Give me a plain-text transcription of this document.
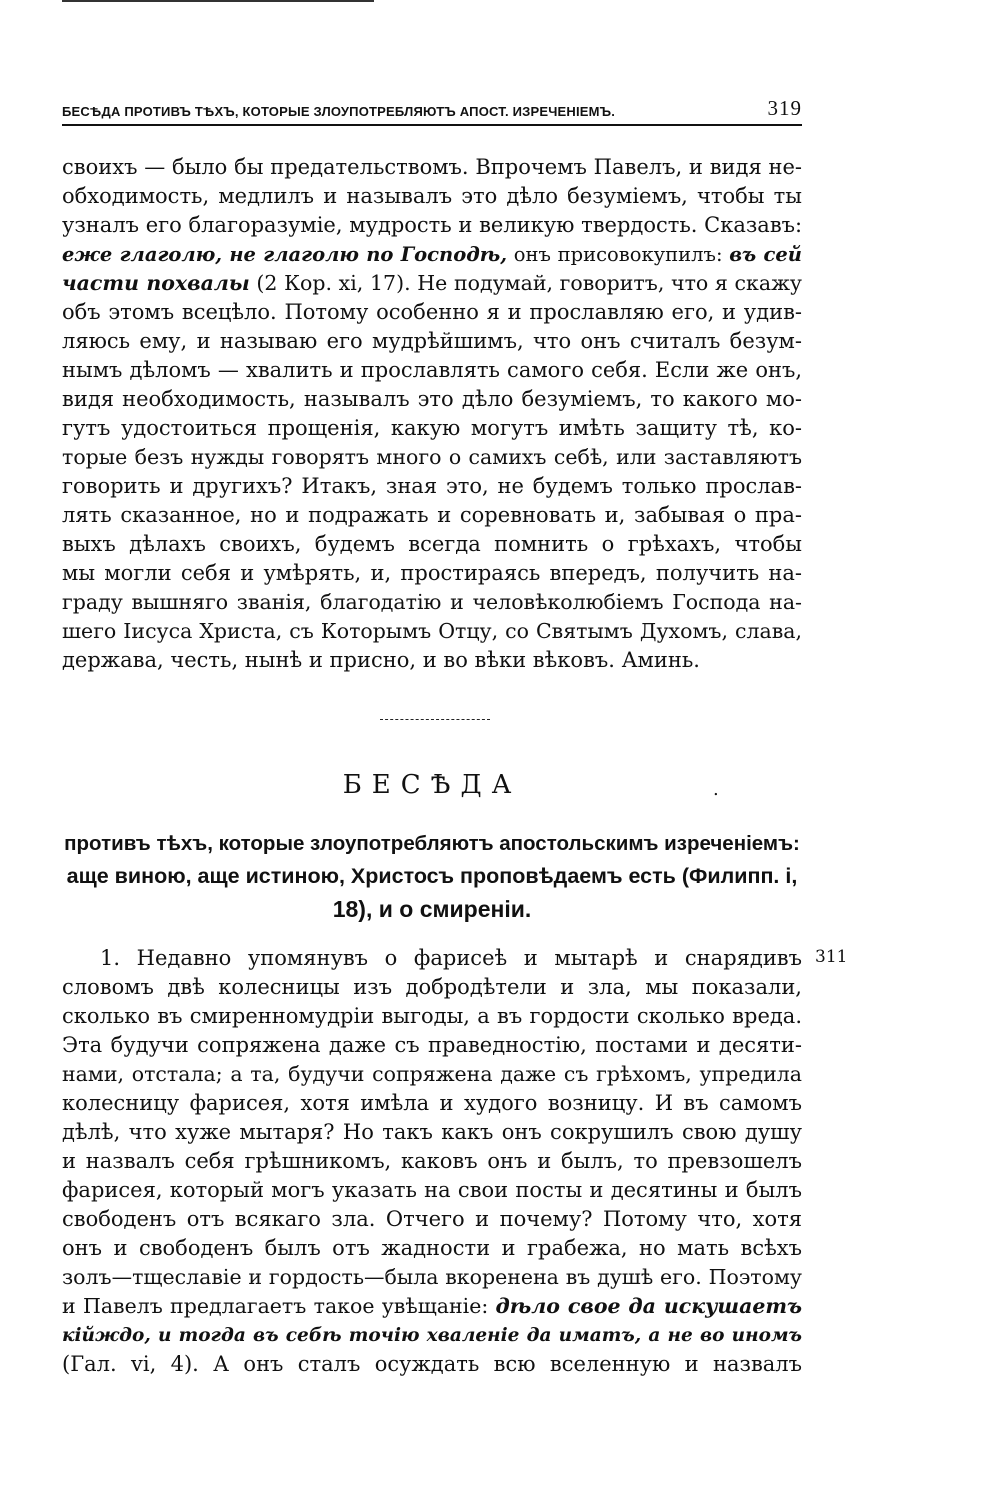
БЕСѢДА ПРОТИВЪ ТѢХЪ, КОТОРЫЕ ЗЛОУПОТРЕБЛЯЮТЪ АПОСТ. ИЗРЕЧЕНІЕМЪ.	319
своихъ — было бы предательствомъ. Впрочемъ Павелъ, и видя не-
обходимость, медлилъ и называлъ это дѣло безуміемъ, чтобы ты
узналъ его благоразуміе, мудрость и великую твердость. Сказавъ:
еже глаголю, не глаголю по Господѣ, онъ присовокупилъ: въ сей
части похвалы (2 Кор. xi, 17). Не подумай, говоритъ, что я скажу
объ этомъ всецѣло. Потому особенно я и прославляю его, и удив-
ляюсь ему, и называю его мудрѣйшимъ, что онъ считалъ безум-
нымъ дѣломъ — хвалить и прославлять самого себя. Если же онъ,
видя необходимость, называлъ это дѣло безуміемъ, то какого мо-
гутъ удостоиться прощенія, какую могутъ имѣть защиту тѣ, ко-
торые безъ нужды говорятъ много о самихъ себѣ, или заставляютъ
говорить и другихъ? Итакъ, зная это, не будемъ только прослав-
лять сказанное, но и подражать и соревновать и, забывая о пра-
выхъ дѣлахъ своихъ, будемъ всегда помнить о грѣхахъ, чтобы
мы могли себя и умѣрять, и, простираясь впередъ, получить на-
граду вышняго званія, благодатію и человѣколюбіемъ Господа на-
шего Іисуса Христа, съ Которымъ Отцу, со Святымъ Духомъ, слава,
держава, честь, нынѣ и присно, и во вѣки вѣковъ. Аминь.
БЕСѢДА	.
противъ тѣхъ, которые злоупотребляютъ апостольскимъ изреченіемъ:
аще виною, аще истиною, Христосъ проповѣдаемъ есть (Филипп. і,
18), и о смиреніи.
311
1. Недавно упомянувъ о фарисеѣ и мытарѣ и снарядивъ
словомъ двѣ колесницы изъ добродѣтели и зла, мы показали,
сколько въ смиренномудріи выгоды, а въ гордости сколько вреда.
Эта будучи сопряжена даже съ праведностію, постами и десяти-
нами, отстала; а та, будучи сопряжена даже съ грѣхомъ, упредила
колесницу фарисея, хотя имѣла и худого возницу. И въ самомъ
дѣлѣ, что хуже мытаря? Но такъ какъ онъ сокрушилъ свою душу
и назвалъ себя грѣшникомъ, каковъ онъ и былъ, то превзошелъ
фарисея, который могъ указать на свои посты и десятины и былъ
свободенъ отъ всякаго зла. Отчего и почему? Потому что, хотя
онъ и свободенъ былъ отъ жадности и грабежа, но мать всѣхъ
золъ—тщеславіе и гордость—была вкоренена въ душѣ его. Поэтому
и Павелъ предлагаетъ такое увѣщаніе: дѣло свое да искушаетъ
кійждо, и тогда въ себѣ точію хваленіе да иматъ, а не во иномъ
(Гал. vi, 4). А онъ сталъ осуждать всю вселенную и назвалъ
